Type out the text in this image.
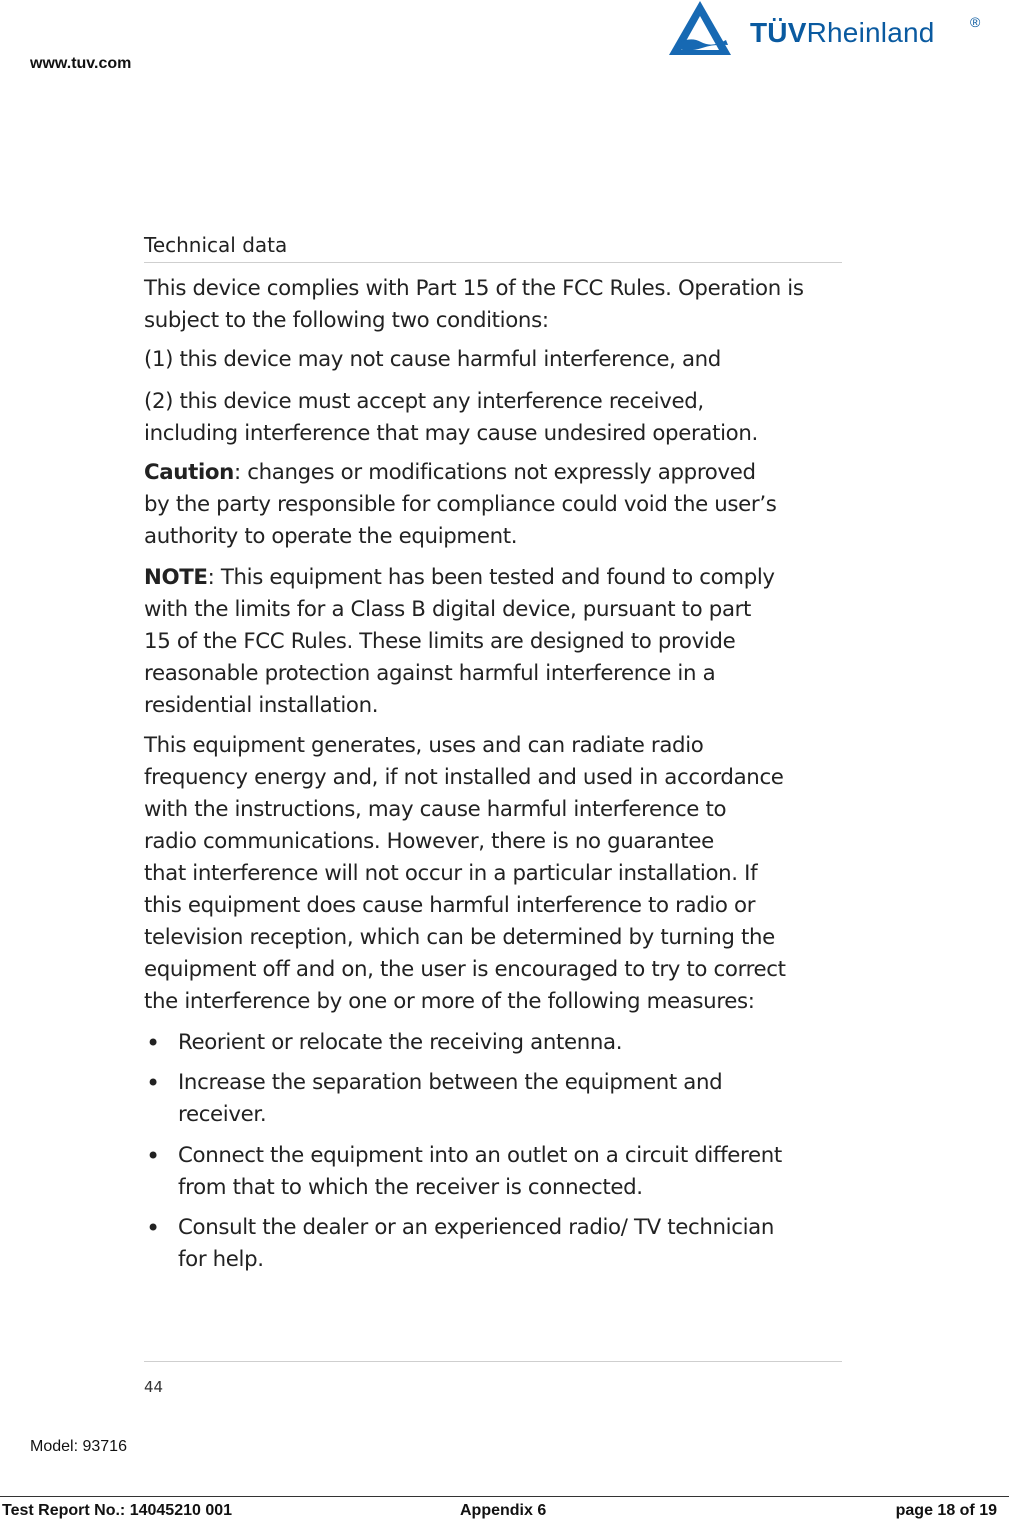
www.tuv.com
TÜVRheinland	®
Technical data
This device complies with Part 15 of the FCC Rules. Operation is
subject to the following two conditions:
(1) this device may not cause harmful interference, and
(2) this device must accept any interference received,
including interference that may cause undesired operation.
Caution: changes or modifications not expressly approved
by the party responsible for compliance could void the user’s
authority to operate the equipment.
NOTE: This equipment has been tested and found to comply
with the limits for a Class B digital device, pursuant to part
15 of the FCC Rules. These limits are designed to provide
reasonable protection against harmful interference in a
residential installation.
This equipment generates, uses and can radiate radio
frequency energy and, if not installed and used in accordance
with the instructions, may cause harmful interference to
radio communications. However, there is no guarantee
that interference will not occur in a particular installation. If
this equipment does cause harmful interference to radio or
television reception, which can be determined by turning the
equipment off and on, the user is encouraged to try to correct
the interference by one or more of the following measures:
• Reorient or relocate the receiving antenna.
• Increase the separation between the equipment and
receiver.
• Connect the equipment into an outlet on a circuit different
from that to which the receiver is connected.
• Consult the dealer or an experienced radio/ TV technician
for help.
44
Model: 93716
Test Report No.: 14045210 001	Appendix 6	page 18 of 19
